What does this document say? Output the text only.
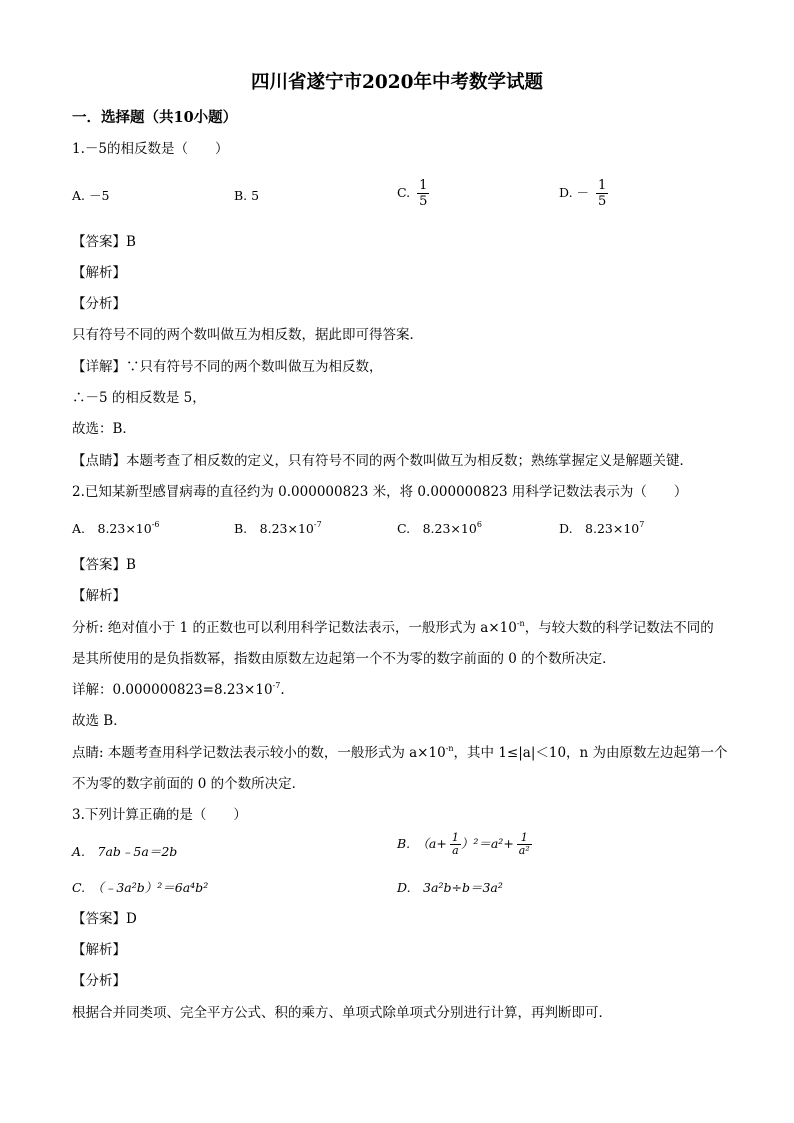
四川省遂宁市2020年中考数学试题
一．选择题（共10小题）
1.－5的相反数是（　　）
A. －5	B. 5	C. $\frac{1}{5}$	D. － $\frac{1}{5}$
【答案】B
【解析】
【分析】
只有符号不同的两个数叫做互为相反数，据此即可得答案．
【详解】∵只有符号不同的两个数叫做互为相反数，
∴－5 的相反数是 5，
故选：B．
【点睛】本题考查了相反数的定义，只有符号不同的两个数叫做互为相反数；熟练掌握定义是解题关键．
2.已知某新型感冒病毒的直径约为 0.000000823 米，将 0.000000823 用科学记数法表示为（　　）
A.　$8.23\times 10^{-6}$	B.　$8.23\times 10^{-7}$	C.　$8.23\times 10^6$	D.　$8.23\times 10^7$
【答案】B
【解析】
分析: 绝对值小于 1 的正数也可以利用科学记数法表示，一般形式为 $a\times 10^{-n}$，与较大数的科学记数法不同的
是其所使用的是负指数幂，指数由原数左边起第一个不为零的数字前面的 0 的个数所决定．
详解：$0.000000823=8.23\times 10^{-7}$.
故选 B．
点睛: 本题考查用科学记数法表示较小的数，一般形式为 $a\times 10^{-n}$，其中 1≤|a|＜10，n 为由原数左边起第一个
不为零的数字前面的 0 的个数所决定．
3.下列计算正确的是（　　）
A.　7ab﹣5a＝2b
B.　$(a+ \frac{1}{a} )^2=a^2+ \frac{1}{\text{a²}}$
C.　（﹣3a²b）²＝6a⁴b²	D.　3a²b÷b＝3a²
【答案】D
【解析】
【分析】
根据合并同类项、完全平方公式、积的乘方、单项式除单项式分别进行计算，再判断即可．
